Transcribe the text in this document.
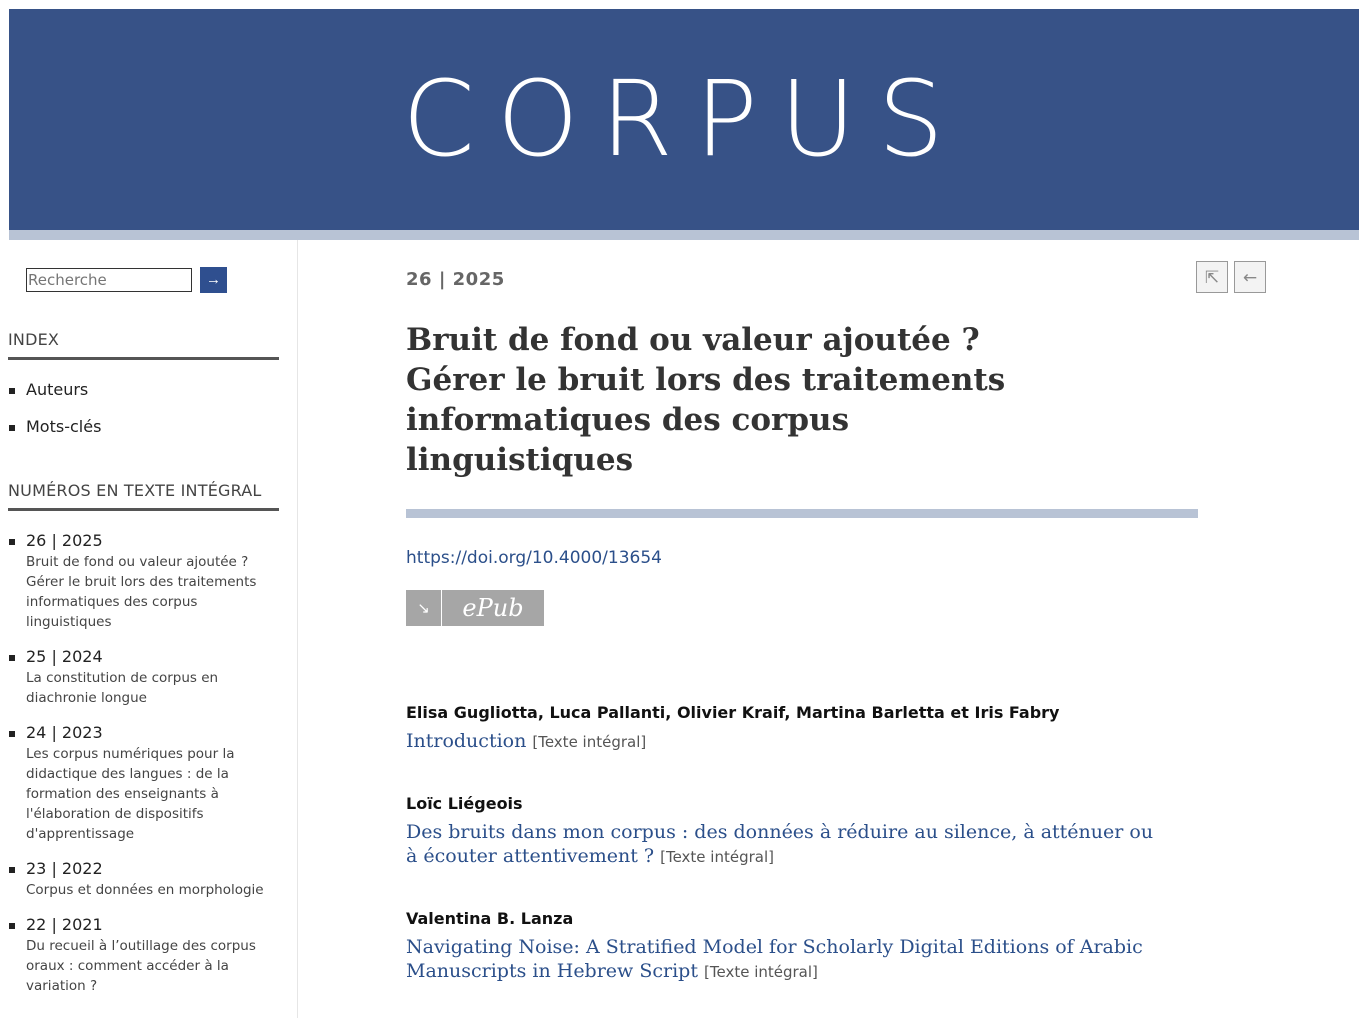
CORPUS
Recherche
→
INDEX
Auteurs
Mots-clés
NUMÉROS EN TEXTE INTÉGRAL
26 | 2025
Bruit de fond ou valeur ajoutée ? Gérer le bruit lors des traitements informatiques des corpus linguistiques
25 | 2024
La constitution de corpus en diachronie longue
24 | 2023
Les corpus numériques pour la didactique des langues : de la formation des enseignants à l'élaboration de dispositifs d'apprentissage
23 | 2022
Corpus et données en morphologie
22 | 2021
Du recueil à l’outillage des corpus oraux : comment accéder à la variation ?
26 | 2025	⇱	←
Bruit de fond ou valeur ajoutée ?
Gérer le bruit lors des traitements
informatiques des corpus
linguistiques
https://doi.org/10.4000/13654
↘	ePub
Elisa Gugliotta, Luca Pallanti, Olivier Kraif, Martina Barletta et Iris Fabry
Introduction [Texte intégral]
Loïc Liégeois
Des bruits dans mon corpus : des données à réduire au silence, à atténuer ou à écouter attentivement ? [Texte intégral]
Valentina B. Lanza
Navigating Noise: A Stratified Model for Scholarly Digital Editions of Arabic Manuscripts in Hebrew Script [Texte intégral]
